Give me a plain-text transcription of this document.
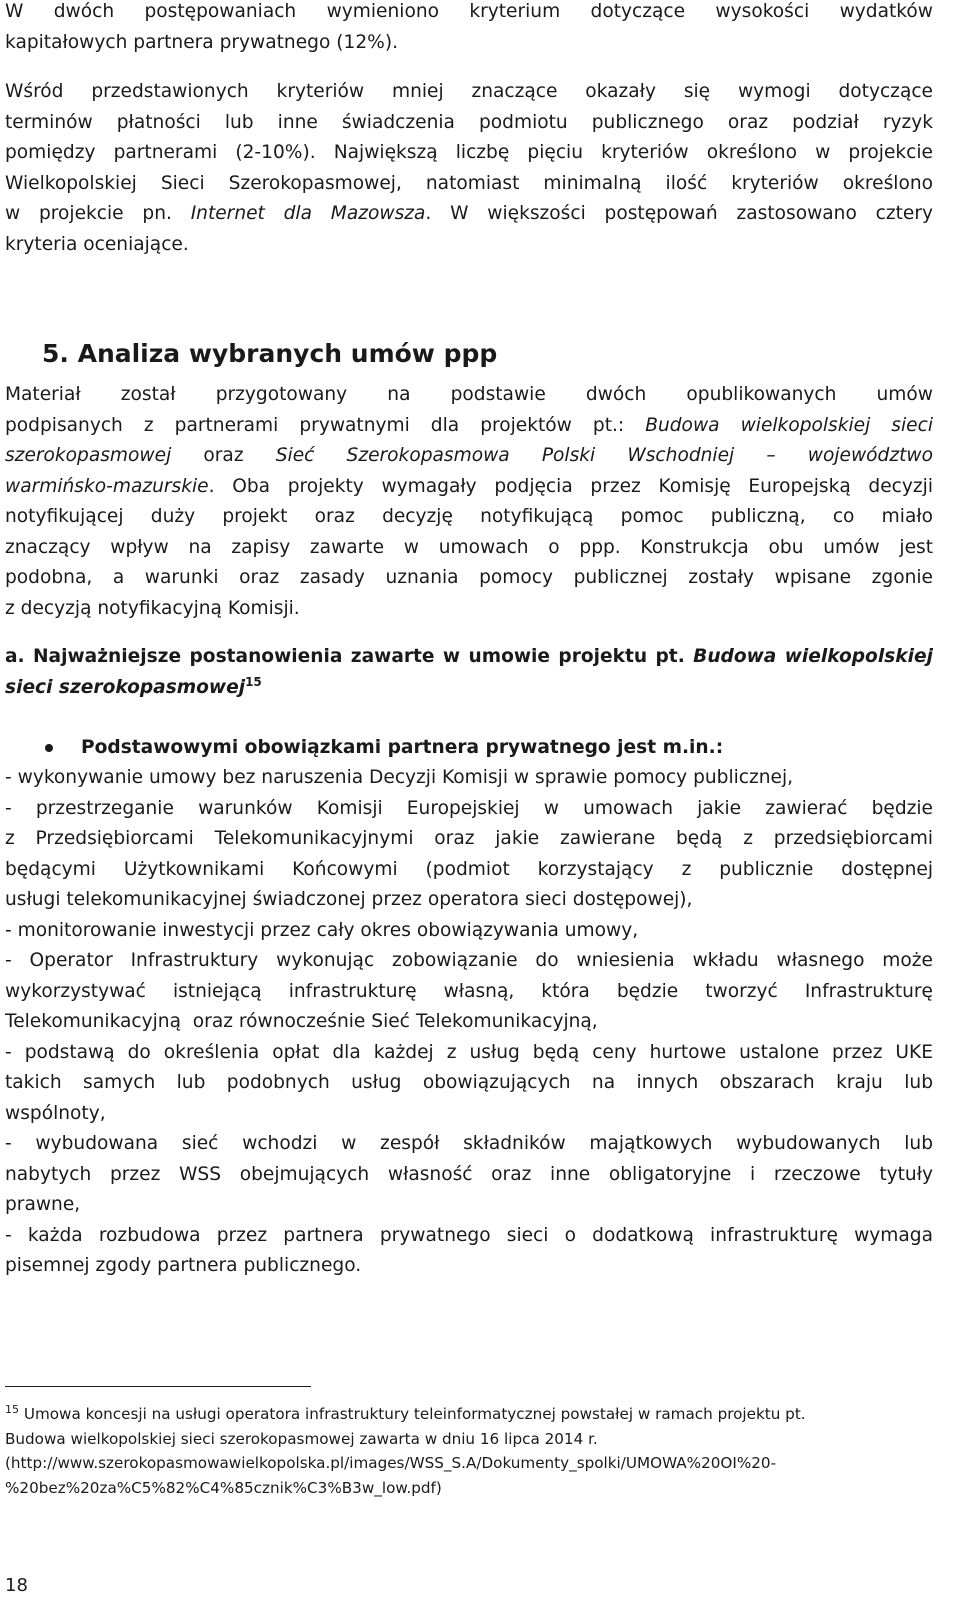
W dwóch postępowaniach wymieniono kryterium dotyczące wysokości wydatków
kapitałowych partnera prywatnego (12%).
Wśród przedstawionych kryteriów mniej znaczące okazały się wymogi dotyczące
terminów płatności lub inne świadczenia podmiotu publicznego oraz podział ryzyk
pomiędzy partnerami (2-10%). Największą liczbę pięciu kryteriów określono w projekcie
Wielkopolskiej Sieci Szerokopasmowej, natomiast minimalną ilość kryteriów określono
w projekcie pn. Internet dla Mazowsza. W większości postępowań zastosowano cztery
kryteria oceniające.
5. Analiza wybranych umów ppp
Materiał został przygotowany na podstawie dwóch opublikowanych umów
podpisanych z partnerami prywatnymi dla projektów pt.: Budowa wielkopolskiej sieci
szerokopasmowej oraz Sieć Szerokopasmowa Polski Wschodniej – województwo
warmińsko-mazurskie. Oba projekty wymagały podjęcia przez Komisję Europejską decyzji
notyfikującej duży projekt oraz decyzję notyfikującą pomoc publiczną, co miało
znaczący wpływ na zapisy zawarte w umowach o ppp. Konstrukcja obu umów jest
podobna, a warunki oraz zasady uznania pomocy publicznej zostały wpisane zgonie
z decyzją notyfikacyjną Komisji.
a. Najważniejsze postanowienia zawarte w umowie projektu pt. Budowa wielkopolskiej
sieci szerokopasmowej$^{15}$
Podstawowymi obowiązkami partnera prywatnego jest m.in.:
- wykonywanie umowy bez naruszenia Decyzji Komisji w sprawie pomocy publicznej,
- przestrzeganie warunków Komisji Europejskiej w umowach jakie zawierać będzie
z Przedsiębiorcami Telekomunikacyjnymi oraz jakie zawierane będą z przedsiębiorcami
będącymi Użytkownikami Końcowymi (podmiot korzystający z publicznie dostępnej
usługi telekomunikacyjnej świadczonej przez operatora sieci dostępowej),
- monitorowanie inwestycji przez cały okres obowiązywania umowy,
- Operator Infrastruktury wykonując zobowiązanie do wniesienia wkładu własnego może
wykorzystywać istniejącą infrastrukturę własną, która będzie tworzyć Infrastrukturę
Telekomunikacyjną  oraz równocześnie Sieć Telekomunikacyjną,
- podstawą do określenia opłat dla każdej z usług będą ceny hurtowe ustalone przez UKE
takich samych lub podobnych usług obowiązujących na innych obszarach kraju lub
wspólnoty,
- wybudowana sieć wchodzi w zespół składników majątkowych wybudowanych lub
nabytych przez WSS obejmujących własność oraz inne obligatoryjne i rzeczowe tytuły
prawne,
- każda rozbudowa przez partnera prywatnego sieci o dodatkową infrastrukturę wymaga
pisemnej zgody partnera publicznego.
$^{15}$ Umowa koncesji na usługi operatora infrastruktury teleinformatycznej powstałej w ramach projektu pt.
Budowa wielkopolskiej sieci szerokopasmowej zawarta w dniu 16 lipca 2014 r.
(http://www.szerokopasmowawielkopolska.pl/images/WSS_S.A/Dokumenty_spolki/UMOWA%20OI%20-
%20bez%20za%C5%82%C4%85cznik%C3%B3w_low.pdf)
18
